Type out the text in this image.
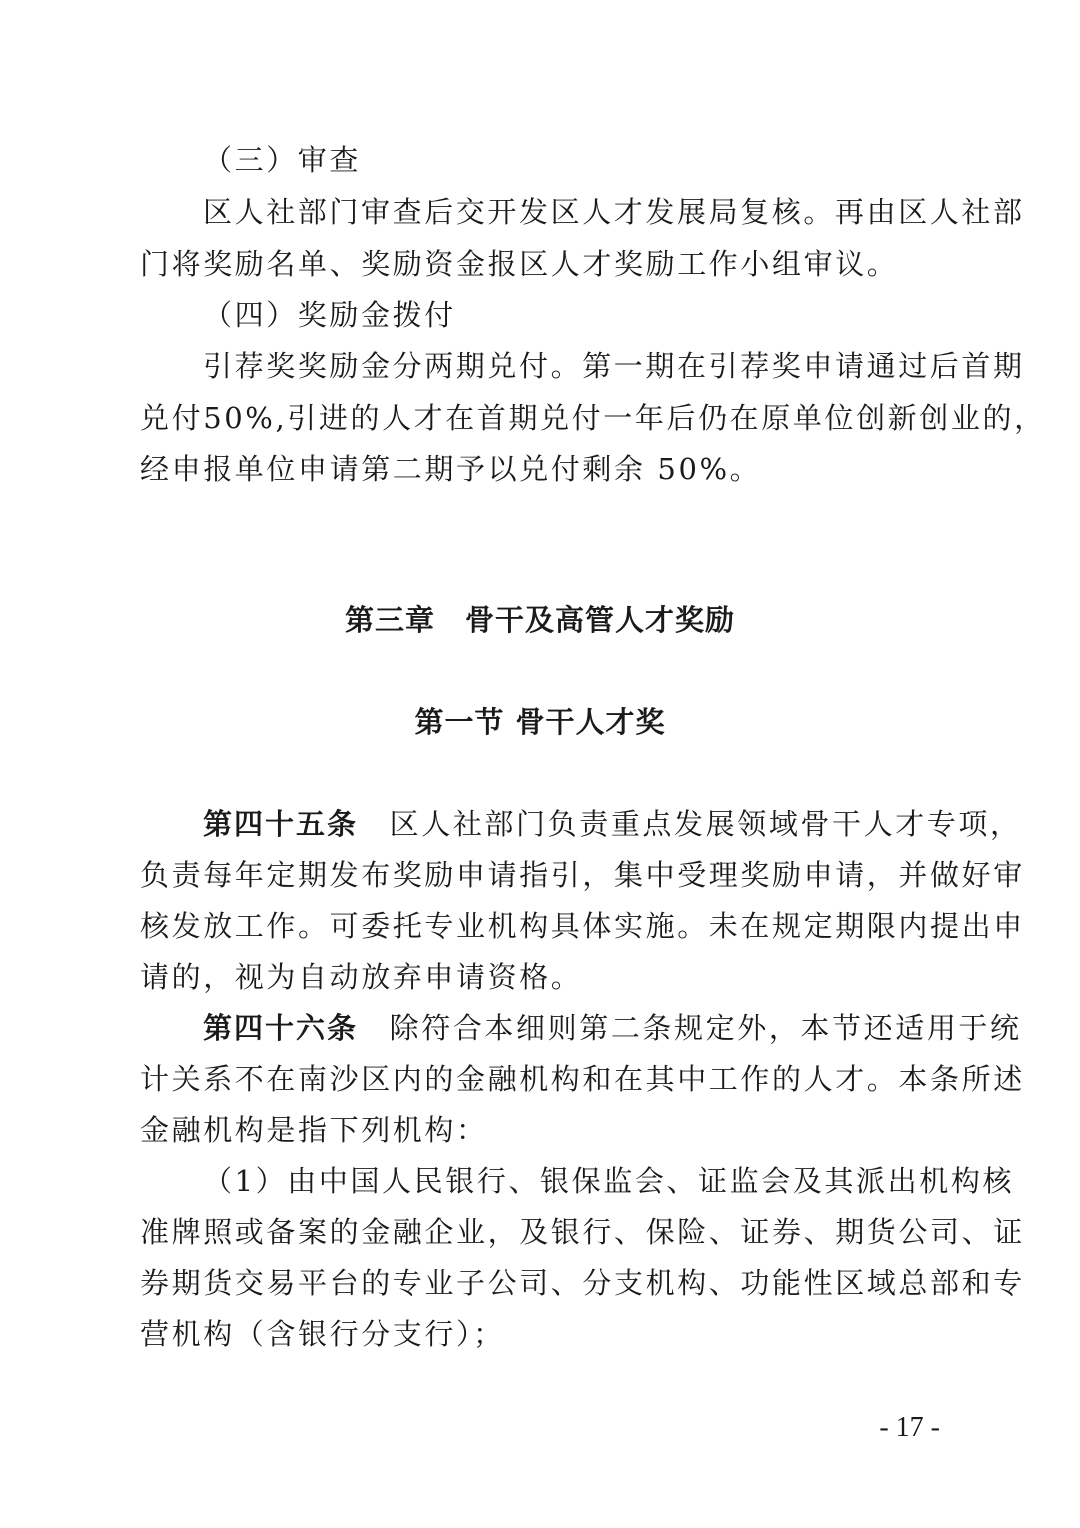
（三）审查
区人社部门审查后交开发区人才发展局复核。再由区人社部
门将奖励名单、奖励资金报区人才奖励工作小组审议。
（四）奖励金拨付
引荐奖奖励金分两期兑付。第一期在引荐奖申请通过后首期
兑付50%,引进的人才在首期兑付一年后仍在原单位创新创业的，
经申报单位申请第二期予以兑付剩余 50%。
第三章　骨干及高管人才奖励
第一节 骨干人才奖
第四十五条　 区人社部门负责重点发展领域骨干人才专项，
负责每年定期发布奖励申请指引，集中受理奖励申请，并做好审
核发放工作。可委托专业机构具体实施。未在规定期限内提出申
请的，视为自动放弃申请资格。
第四十六条　 除符合本细则第二条规定外，本节还适用于统
计关系不在南沙区内的金融机构和在其中工作的人才。本条所述
金融机构是指下列机构：
（1）由中国人民银行、银保监会、证监会及其派出机构核
准牌照或备案的金融企业，及银行、保险、证券、期货公司、证
券期货交易平台的专业子公司、分支机构、功能性区域总部和专
营机构（含银行分支行）；
- 17 -
